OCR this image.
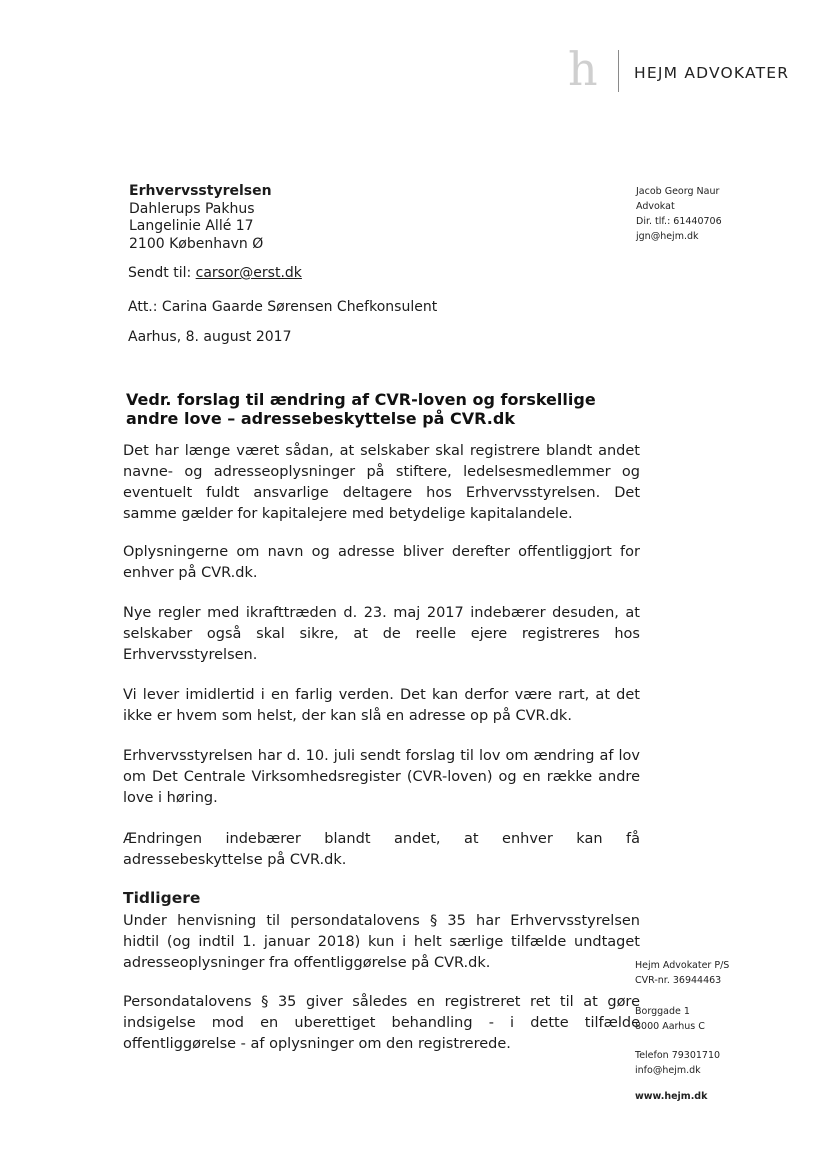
h HEJM ADVOKATER
Erhvervsstyrelsen
Dahlerups Pakhus
Langelinie Allé 17
2100 København Ø
Jacob Georg Naur
Advokat
Dir. tlf.: 61440706
jgn@hejm.dk
Sendt til: carsor@erst.dk
Att.: Carina Gaarde Sørensen Chefkonsulent
Aarhus, 8. august 2017
Vedr. forslag til ændring af CVR-loven og forskellige andre love – adressebeskyttelse på CVR.dk
Det har længe været sådan, at selskaber skal registrere blandt andet navne- og adresseoplysninger på stiftere, ledelsesmedlemmer og eventuelt fuldt ansvarlige deltagere hos Erhvervsstyrelsen. Det samme gælder for kapitalejere med betydelige kapitalandele.
Oplysningerne om navn og adresse bliver derefter offentliggjort for enhver på CVR.dk.
Nye regler med ikrafttræden d. 23. maj 2017 indebærer desuden, at selskaber også skal sikre, at de reelle ejere registreres hos Erhvervsstyrelsen.
Vi lever imidlertid i en farlig verden. Det kan derfor være rart, at det ikke er hvem som helst, der kan slå en adresse op på CVR.dk.
Erhvervsstyrelsen har d. 10. juli sendt forslag til lov om ændring af lov om Det Centrale Virksomhedsregister (CVR-loven) og en række andre love i høring.
Ændringen indebærer blandt andet, at enhver kan få adressebeskyttelse på CVR.dk.
Tidligere
Under henvisning til persondatalovens § 35 har Erhvervsstyrelsen hidtil (og indtil 1. januar 2018) kun i helt særlige tilfælde undtaget adresseoplysninger fra offentliggørelse på CVR.dk.
Persondatalovens § 35 giver således en registreret ret til at gøre indsigelse mod en uberettiget behandling - i dette tilfælde offentliggørelse - af oplysninger om den registrerede.
Hejm Advokater P/S
CVR-nr. 36944463
Borggade 1
8000 Aarhus C
Telefon 79301710
info@hejm.dk
www.hejm.dk
